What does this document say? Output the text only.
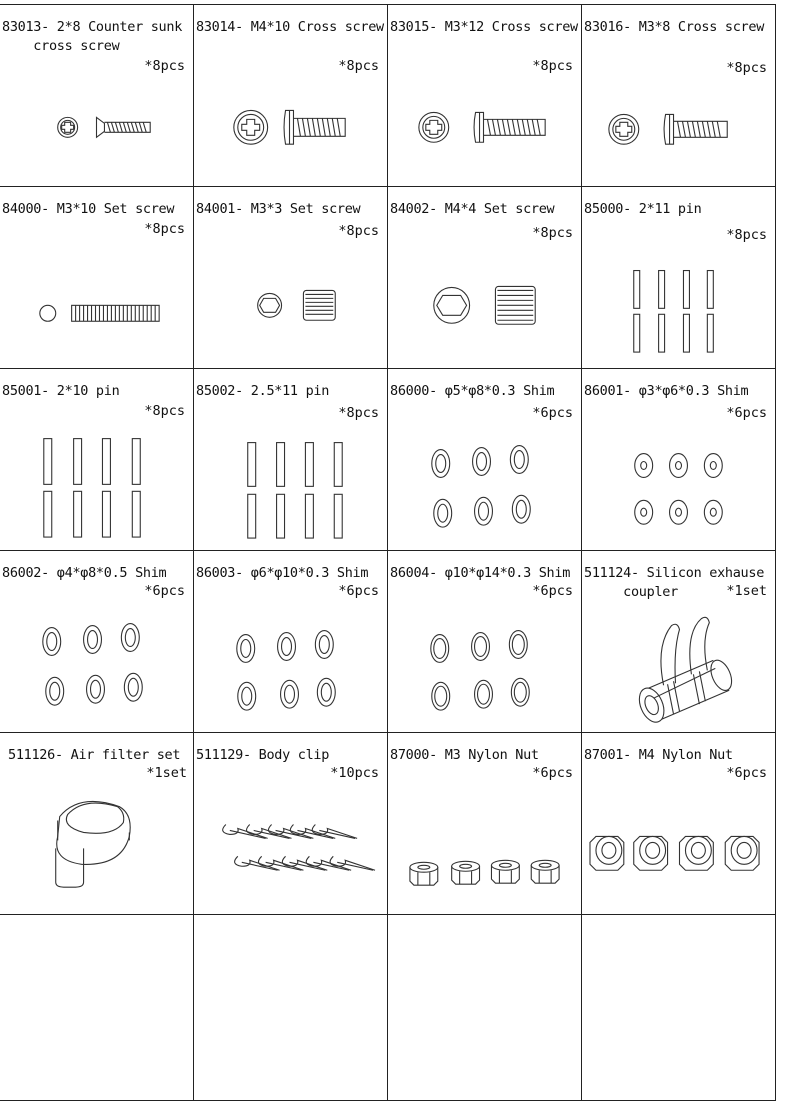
83013- 2*8 Counter sunk
cross screw
*8pcs
83014- M4*10 Cross screw
*8pcs
83015- M3*12 Cross screw
*8pcs
83016- M3*8 Cross screw
*8pcs
84000- M3*10 Set screw
*8pcs
84001- M3*3 Set screw
*8pcs
84002- M4*4 Set screw
*8pcs
85000- 2*11 pin
*8pcs
85001- 2*10 pin
*8pcs
85002- 2.5*11 pin
*8pcs
86000- φ5*φ8*0.3 Shim
*6pcs
86001- φ3*φ6*0.3 Shim
*6pcs
86002- φ4*φ8*0.5 Shim
*6pcs
86003- φ6*φ10*0.3 Shim
*6pcs
86004- φ10*φ14*0.3 Shim
*6pcs
511124- Silicon exhause
coupler	*1set
511126- Air filter set
*1set
511129- Body clip
*10pcs
87000- M3 Nylon Nut
*6pcs
87001- M4 Nylon Nut
*6pcs
